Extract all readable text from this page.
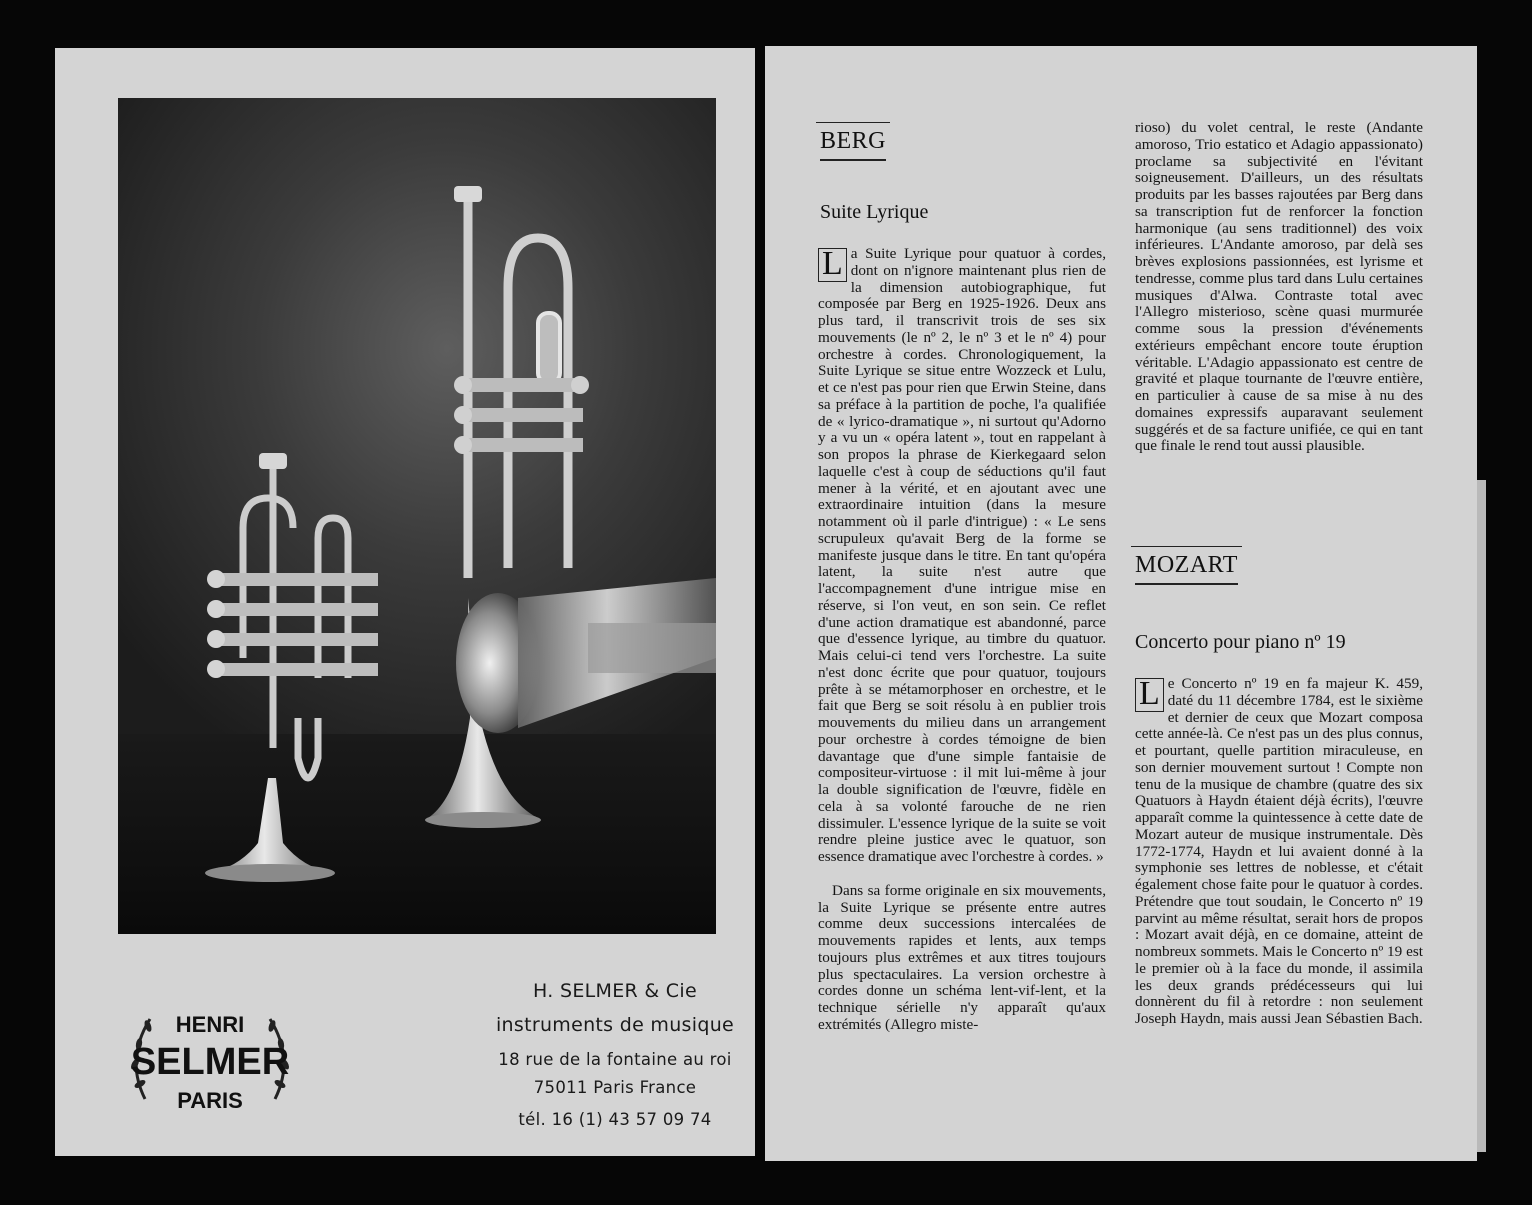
HENRI
SELMER
PARIS
H. SELMER & Cie
instruments de musique
18 rue de la fontaine au roi
75011 Paris France
tél. 16 (1) 43 57 09 74
BERG
Suite Lyrique

L a Suite Lyrique pour quatuor à cordes, dont on n'ignore maintenant plus rien de la dimension autobiographique, fut composée par Berg en 1925-1926. Deux ans plus tard, il transcrivit trois de ses six mouvements (le nº 2, le nº 3 et le nº 4) pour orchestre à cordes. Chronologiquement, la Suite Lyrique se situe entre Wozzeck et Lulu, et ce n'est pas pour rien que Erwin Steine, dans sa préface à la partition de poche, l'a qualifiée de « lyrico-dramatique », ni surtout qu'Adorno y a vu un « opéra latent », tout en rappelant à son propos la phrase de Kierkegaard selon laquelle c'est à coup de séductions qu'il faut mener à la vérité, et en ajoutant avec une extraordinaire intuition (dans la mesure notamment où il parle d'intrigue) : « Le sens scrupuleux qu'avait Berg de la forme se manifeste jusque dans le titre. En tant qu'opéra latent, la suite n'est autre que l'accompagnement d'une intrigue mise en réserve, si l'on veut, en son sein. Ce reflet d'une action dramatique est abandonné, parce que d'essence lyrique, au timbre du quatuor. Mais celui-ci tend vers l'orchestre. La suite n'est donc écrite que pour quatuor, toujours prête à se métamorphoser en orchestre, et le fait que Berg se soit résolu à en publier trois mouvements du milieu dans un arrangement pour orchestre à cordes témoigne de bien davantage que d'une simple fantaisie de compositeur-virtuose : il mit lui-même à jour la double signification de l'œuvre, fidèle en cela à sa volonté farouche de ne rien dissimuler. L'essence lyrique de la suite se voit rendre pleine justice avec le quatuor, son essence dramatique avec l'orchestre à cordes. »

Dans sa forme originale en six mouvements, la Suite Lyrique se présente entre autres comme deux successions intercalées de mouvements rapides et lents, aux temps toujours plus extrêmes et aux titres toujours plus spectaculaires. La version orchestre à cordes donne un schéma lent-vif-lent, et la technique sérielle n'y apparaît qu'aux extrémités (Allegro miste-

rioso) du volet central, le reste (Andante amoroso, Trio estatico et Adagio appassionato) proclame sa subjectivité en l'évitant soigneusement. D'ailleurs, un des résultats produits par les basses rajoutées par Berg dans sa transcription fut de renforcer la fonction harmonique (au sens traditionnel) des voix inférieures. L'Andante amoroso, par delà ses brèves explosions passionnées, est lyrisme et tendresse, comme plus tard dans Lulu certaines musiques d'Alwa. Contraste total avec l'Allegro misterioso, scène quasi murmurée comme sous la pression d'événements extérieurs empêchant encore toute éruption véritable. L'Adagio appassionato est centre de gravité et plaque tournante de l'œuvre entière, en particulier à cause de sa mise à nu des domaines expressifs auparavant seulement suggérés et de sa facture unifiée, ce qui en tant que finale le rend tout aussi plausible.

MOZART
Concerto pour piano nº 19

L e Concerto nº 19 en fa majeur K. 459, daté du 11 décembre 1784, est le sixième et dernier de ceux que Mozart composa cette année-là. Ce n'est pas un des plus connus, et pourtant, quelle partition miraculeuse, en son dernier mouvement surtout ! Compte non tenu de la musique de chambre (quatre des six Quatuors à Haydn étaient déjà écrits), l'œuvre apparaît comme la quintessence à cette date de Mozart auteur de musique instrumentale. Dès 1772-1774, Haydn et lui avaient donné à la symphonie ses lettres de noblesse, et c'était également chose faite pour le quatuor à cordes. Prétendre que tout soudain, le Concerto nº 19 parvint au même résultat, serait hors de propos : Mozart avait déjà, en ce domaine, atteint de nombreux sommets. Mais le Concerto nº 19 est le premier où à la face du monde, il assimila les deux grands prédécesseurs qui lui donnèrent du fil à retordre : non seulement Joseph Haydn, mais aussi Jean Sébastien Bach.
